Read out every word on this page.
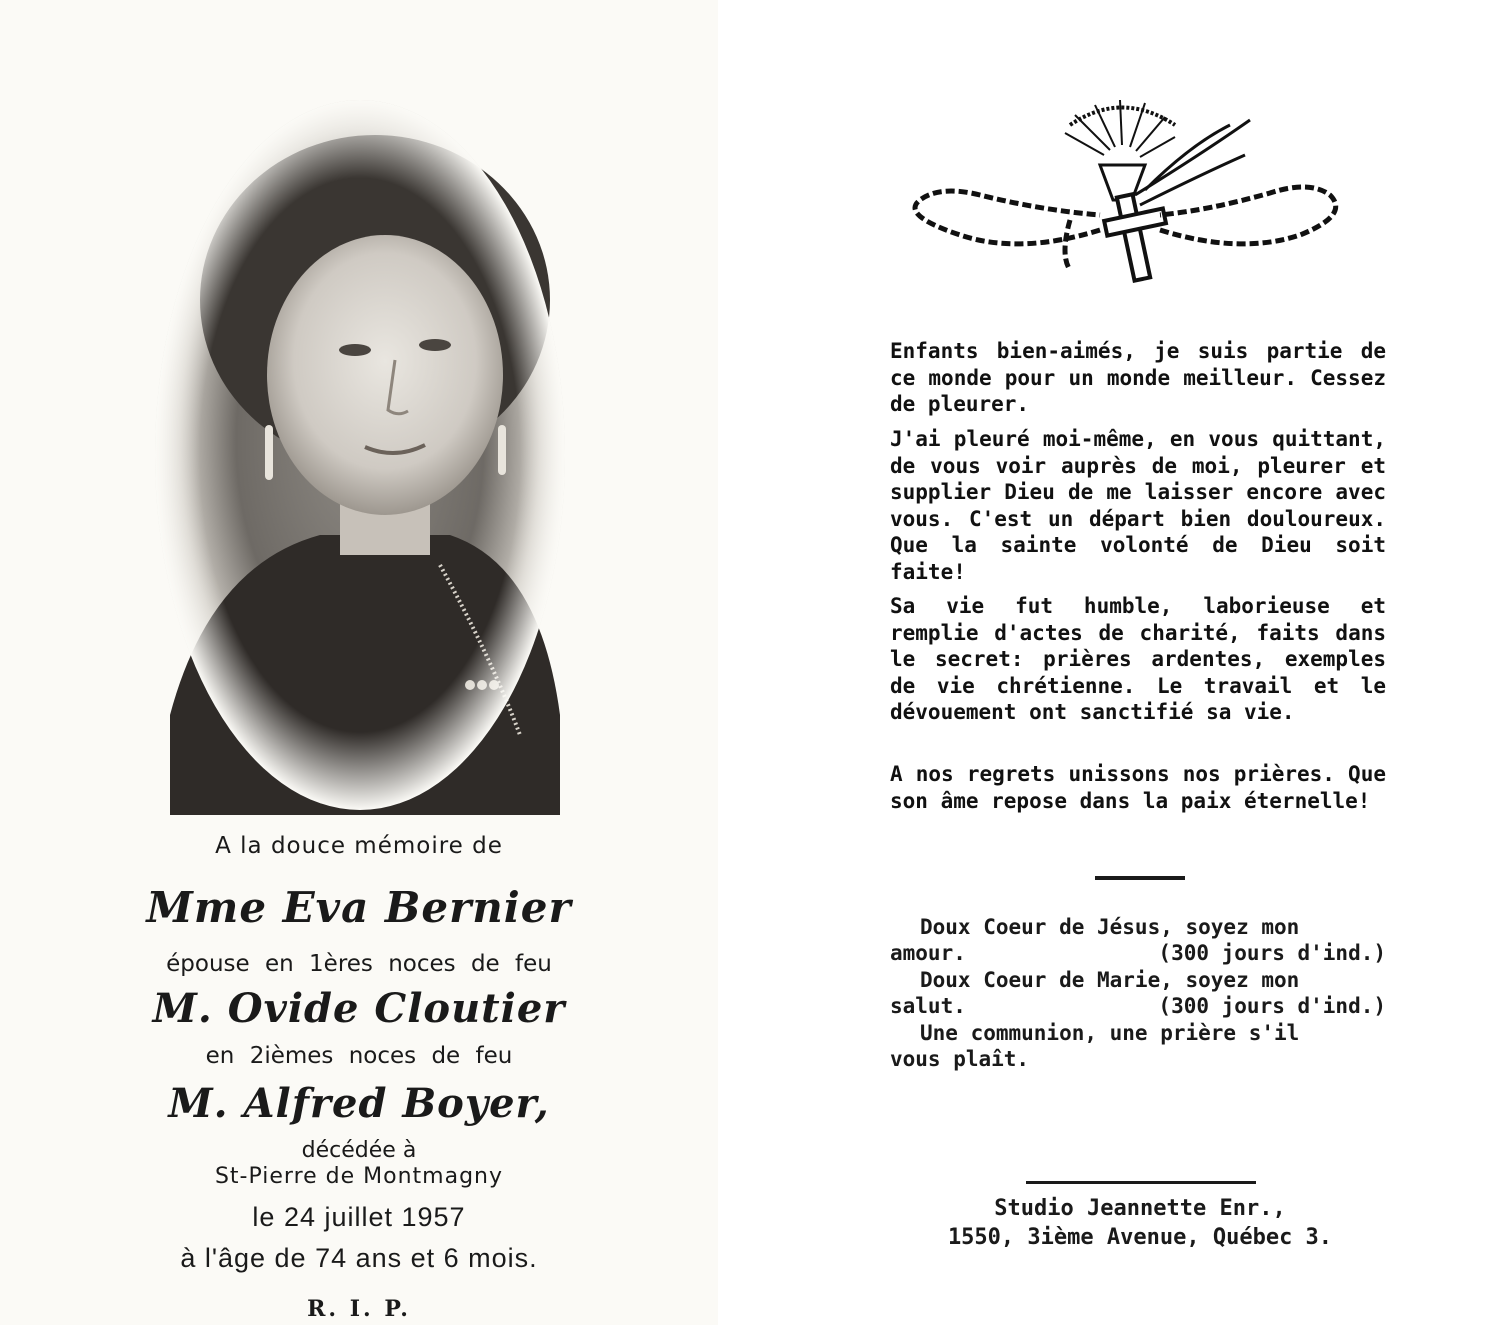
A la douce mémoire de
Mme Eva Bernier
épouse en 1ères noces de feu
M. Ovide Cloutier
en 2ièmes noces de feu
M. Alfred Boyer,
décédée à
St-Pierre de Montmagny
le 24 juillet 1957
à l'âge de 74 ans et 6 mois.
R. I. P.

Enfants bien-aimés, je suis partie de ce monde pour un monde meilleur. Cessez de pleurer.

J'ai pleuré moi-même, en vous quittant, de vous voir auprès de moi, pleurer et supplier Dieu de me laisser encore avec vous. C'est un départ bien douloureux. Que la sainte volonté de Dieu soit faite!

Sa vie fut humble, laborieuse et remplie d'actes de charité, faits dans le secret: prières ardentes, exemples de vie chrétienne. Le travail et le dévouement ont sanctifié sa vie.

A nos regrets unissons nos prières. Que son âme repose dans la paix éternelle!

Doux Coeur de Jésus, soyez mon
amour.	(300 jours d'ind.)
Doux Coeur de Marie, soyez mon
salut.	(300 jours d'ind.)
Une communion, une prière s'il
vous plaît.
Studio Jeannette Enr.,
1550, 3ième Avenue, Québec 3.
